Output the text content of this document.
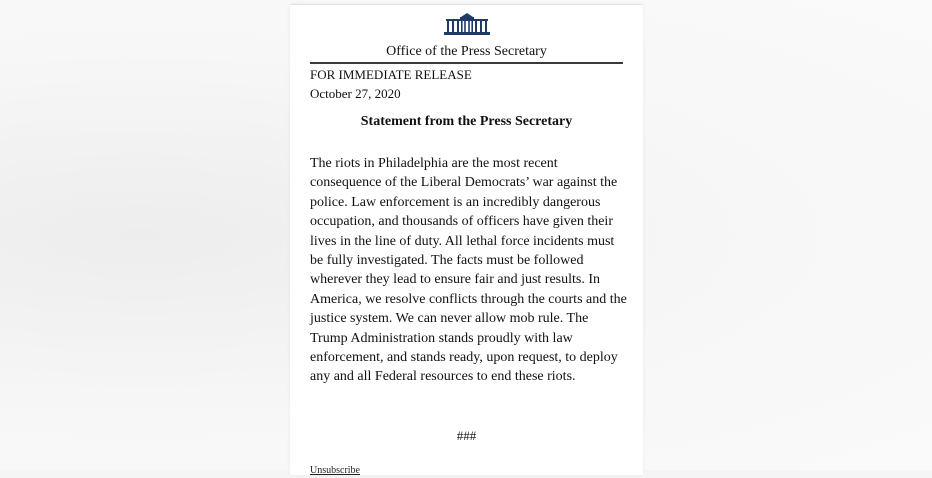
Office of the Press Secretary
FOR IMMEDIATE RELEASE
October 27, 2020
Statement from the Press Secretary

The riots in Philadelphia are the most recent consequence of the Liberal Democrats’ war against the police. Law enforcement is an incredibly dangerous occupation, and thousands of officers have given their lives in the line of duty. All lethal force incidents must be fully investigated. The facts must be followed wherever they lead to ensure fair and just results. In America, we resolve conflicts through the courts and the justice system. We can never allow mob rule. The Trump Administration stands proudly with law enforcement, and stands ready, upon request, to deploy any and all Federal resources to end these riots.

###
Unsubscribe
